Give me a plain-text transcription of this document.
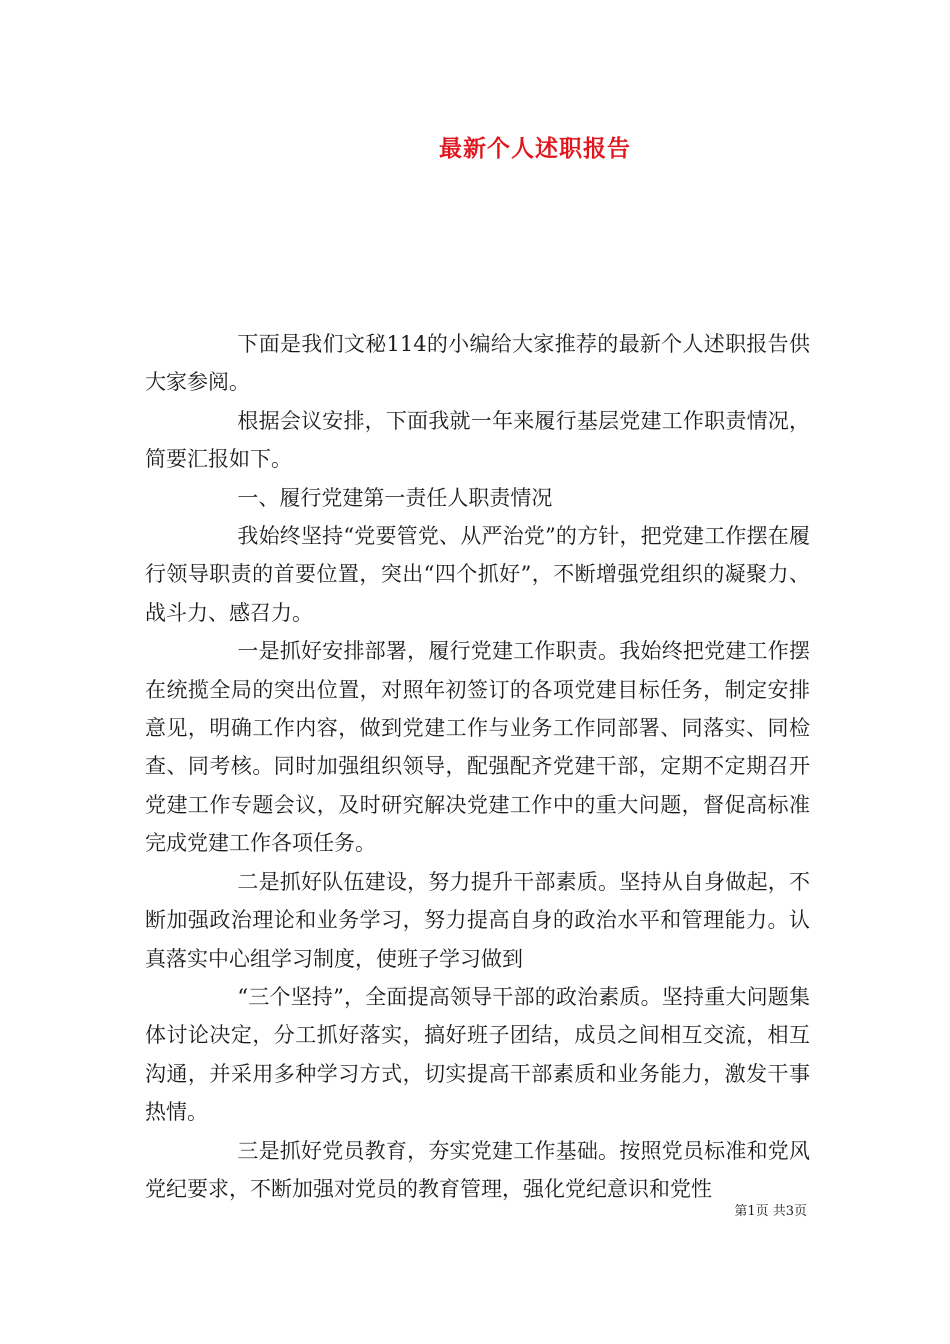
最新个人述职报告

下面是我们文秘114的小编给大家推荐的最新个人述职报告供大家参阅。

根据会议安排，下面我就一年来履行基层党建工作职责情况，简要汇报如下。

一、履行党建第一责任人职责情况

我始终坚持“党要管党、从严治党”的方针，把党建工作摆在履行领导职责的首要位置，突出“四个抓好”，不断增强党组织的凝聚力、战斗力、感召力。

一是抓好安排部署，履行党建工作职责。我始终把党建工作摆在统揽全局的突出位置，对照年初签订的各项党建目标任务，制定安排意见，明确工作内容，做到党建工作与业务工作同部署、同落实、同检查、同考核。同时加强组织领导，配强配齐党建干部，定期不定期召开党建工作专题会议，及时研究解决党建工作中的重大问题，督促高标准完成党建工作各项任务。

二是抓好队伍建设，努力提升干部素质。坚持从自身做起，不断加强政治理论和业务学习，努力提高自身的政治水平和管理能力。认真落实中心组学习制度，使班子学习做到

“三个坚持”，全面提高领导干部的政治素质。坚持重大问题集体讨论决定，分工抓好落实，搞好班子团结，成员之间相互交流，相互沟通，并采用多种学习方式，切实提高干部素质和业务能力，激发干事热情。

三是抓好党员教育，夯实党建工作基础。按照党员标准和党风党纪要求，不断加强对党员的教育管理，强化党纪意识和党性

第1页 共3页
